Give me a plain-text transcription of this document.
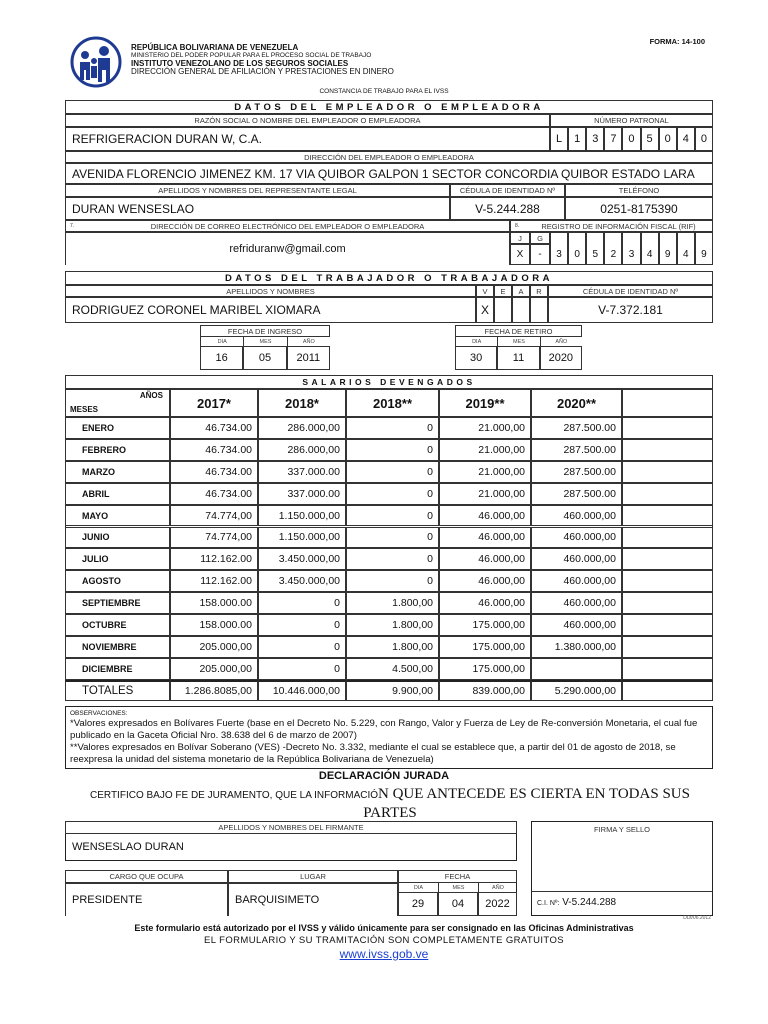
REPÚBLICA BOLIVARIANA DE VENEZUELA
MINISTERIO DEL PODER POPULAR PARA EL PROCESO SOCIAL DE TRABAJO
INSTITUTO VENEZOLANO DE LOS SEGUROS SOCIALES
DIRECCIÓN GENERAL DE AFILIACIÓN Y PRESTACIONES EN DINERO
FORMA: 14-100
CONSTANCIA DE TRABAJO PARA EL IVSS
DATOS DEL EMPLEADOR O EMPLEADORA
RAZÓN SOCIAL O NOMBRE DEL EMPLEADOR O EMPLEADORA	NÚMERO PATRONAL
REFRIGERACION DURAN W, C.A.	L	1	3	7	0	5	0	4	0
DIRECCIÓN DEL EMPLEADOR O EMPLEADORA
AVENIDA FLORENCIO JIMENEZ KM. 17 VIA QUIBOR GALPON 1 SECTOR CONCORDIA QUIBOR ESTADO LARA
APELLIDOS Y NOMBRES DEL REPRESENTANTE LEGAL	CÉDULA DE IDENTIDAD Nº	TELÉFONO
DURAN WENSESLAO	V-5.244.288	0251-8175390
7.	DIRECCIÓN DE CORREO ELECTRÓNICO DEL EMPLEADOR O EMPLEADORA	8.	REGISTRO DE INFORMACIÓN FISCAL (RIF)
refriduranw@gmail.com
J	G
X	-	3	0	5	2	3	4	9	4	9
DATOS DEL TRABAJADOR O TRABAJADORA
APELLIDOS Y NOMBRES	V
X
E	A	R	CÉDULA DE IDENTIDAD Nº
RODRIGUEZ CORONEL MARIBEL XIOMARA	V-7.372.181
FECHA DE INGRESO
DIA
16
MES
05
AÑO
2011
FECHA DE RETIRO
DIA
30
MES
11
AÑO
2020
SALARIOS DEVENGADOS
AÑOS
MESES	2017*	2018*	2018**	2019**	2020**
ENERO	46.734.00	286.000,00	0	21.000,00	287.500.00
FEBRERO	46.734.00	286.000,00	0	21.000,00	287.500.00
MARZO	46.734.00	337.000.00	0	21.000,00	287.500.00
ABRIL	46.734.00	337.000.00	0	21.000,00	287.500.00
MAYO	74.774,00	1.150.000,00	0	46.000,00	460.000,00
JUNIO	74.774,00	1.150.000,00	0	46.000,00	460.000,00
JULIO	112.162.00	3.450.000,00	0	46.000,00	460.000,00
AGOSTO	112.162.00	3.450.000,00	0	46.000,00	460.000,00
SEPTIEMBRE	158.000.00	0	1.800,00	46.000,00	460.000,00
OCTUBRE	158.000.00	0	1.800,00	175.000,00	460.000,00
NOVIEMBRE	205.000,00	0	1.800,00	175.000,00	1.380.000,00
DICIEMBRE	205.000,00	0	4.500,00	175.000,00
TOTALES	1.286.8085,00	10.446.000,00	9.900,00	839.000,00	5.290.000,00
OBSERVACIONES:
*Valores expresados en Bolívares Fuerte (base en el Decreto No. 5.229, con Rango, Valor y Fuerza de Ley de Re-conversión Monetaria, el cual fue publicado en la Gaceta Oficial Nro. 38.638 del 6 de marzo de 2007)
**Valores expresados en Bolívar Soberano (VES) -Decreto No. 3.332, mediante el cual se establece que, a partir del 01 de agosto de 2018, se reexpresa la unidad del sistema monetario de la República Bolivariana de Venezuela)
DECLARACIÓN JURADA
CERTIFICO BAJO FE DE JURAMENTO, QUE LA INFORMACIÓN QUE ANTECEDE ES CIERTA EN TODAS SUS PARTES
APELLIDOS Y NOMBRES DEL FIRMANTE
WENSESLAO DURAN
FIRMA Y SELLO
C.I. Nº: V-5.244.288
CARGO QUE OCUPA	LUGAR	FECHA
PRESIDENTE	BARQUISIMETO
DIA	MES	AÑO
29	04	2022
DDi/06.2012
Este formulario está autorizado por el IVSS y válido únicamente para ser consignado en las Oficinas Administrativas
EL FORMULARIO Y SU TRAMITACIÓN SON COMPLETAMENTE GRATUITOS
www.ivss.gob.ve
